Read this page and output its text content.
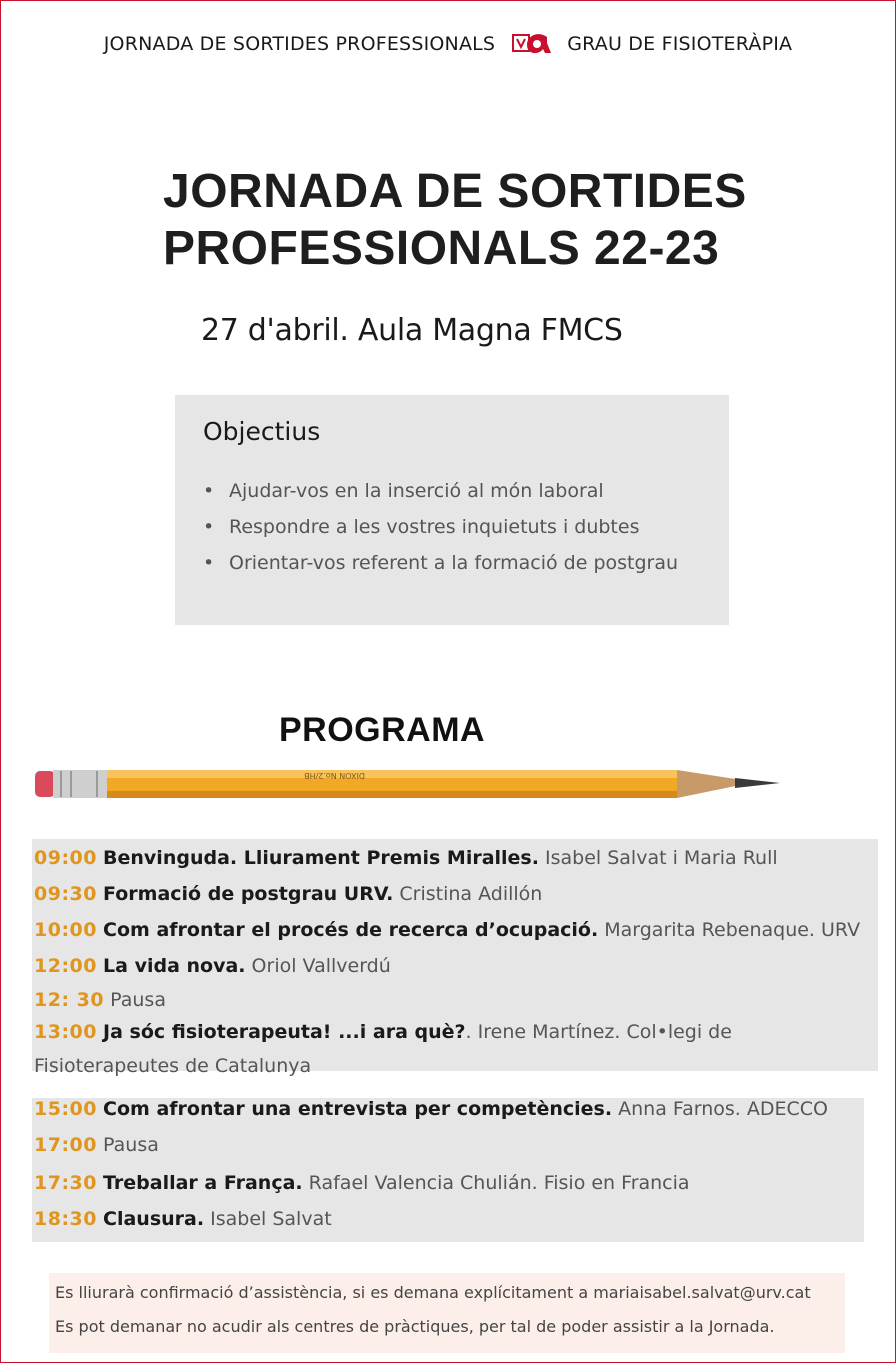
JORNADA DE SORTIDES PROFESSIONALS	GRAU DE FISIOTERÀPIA
JORNADA DE SORTIDES
PROFESSIONALS 22-23
27 d'abril. Aula Magna FMCS
Objectius
• Ajudar-vos en la inserció al món laboral
• Respondre a les vostres inquietuts i dubtes
• Orientar-vos referent a la formació de postgrau
PROGRAMA
DIXON No.2/HB
09:00 Benvinguda. Lliurament Premis Miralles. Isabel Salvat i Maria Rull
09:30 Formació de postgrau URV. Cristina Adillón
10:00 Com afrontar el procés de recerca d’ocupació. Margarita Rebenaque. URV
12:00 La vida nova. Oriol Vallverdú
12: 30 Pausa
13:00 Ja sóc fisioterapeuta! ...i ara què?. Irene Martínez. Col•legi de Fisioterapeutes de Catalunya
15:00 Com afrontar una entrevista per competències. Anna Farnos. ADECCO
17:00 Pausa
17:30 Treballar a França. Rafael Valencia Chulián. Fisio en Francia
18:30 Clausura. Isabel Salvat

Es lliurarà confirmació d’assistència, si es demana explícitament a mariaisabel.salvat@urv.cat

Es pot demanar no acudir als centres de pràctiques, per tal de poder assistir a la Jornada.
